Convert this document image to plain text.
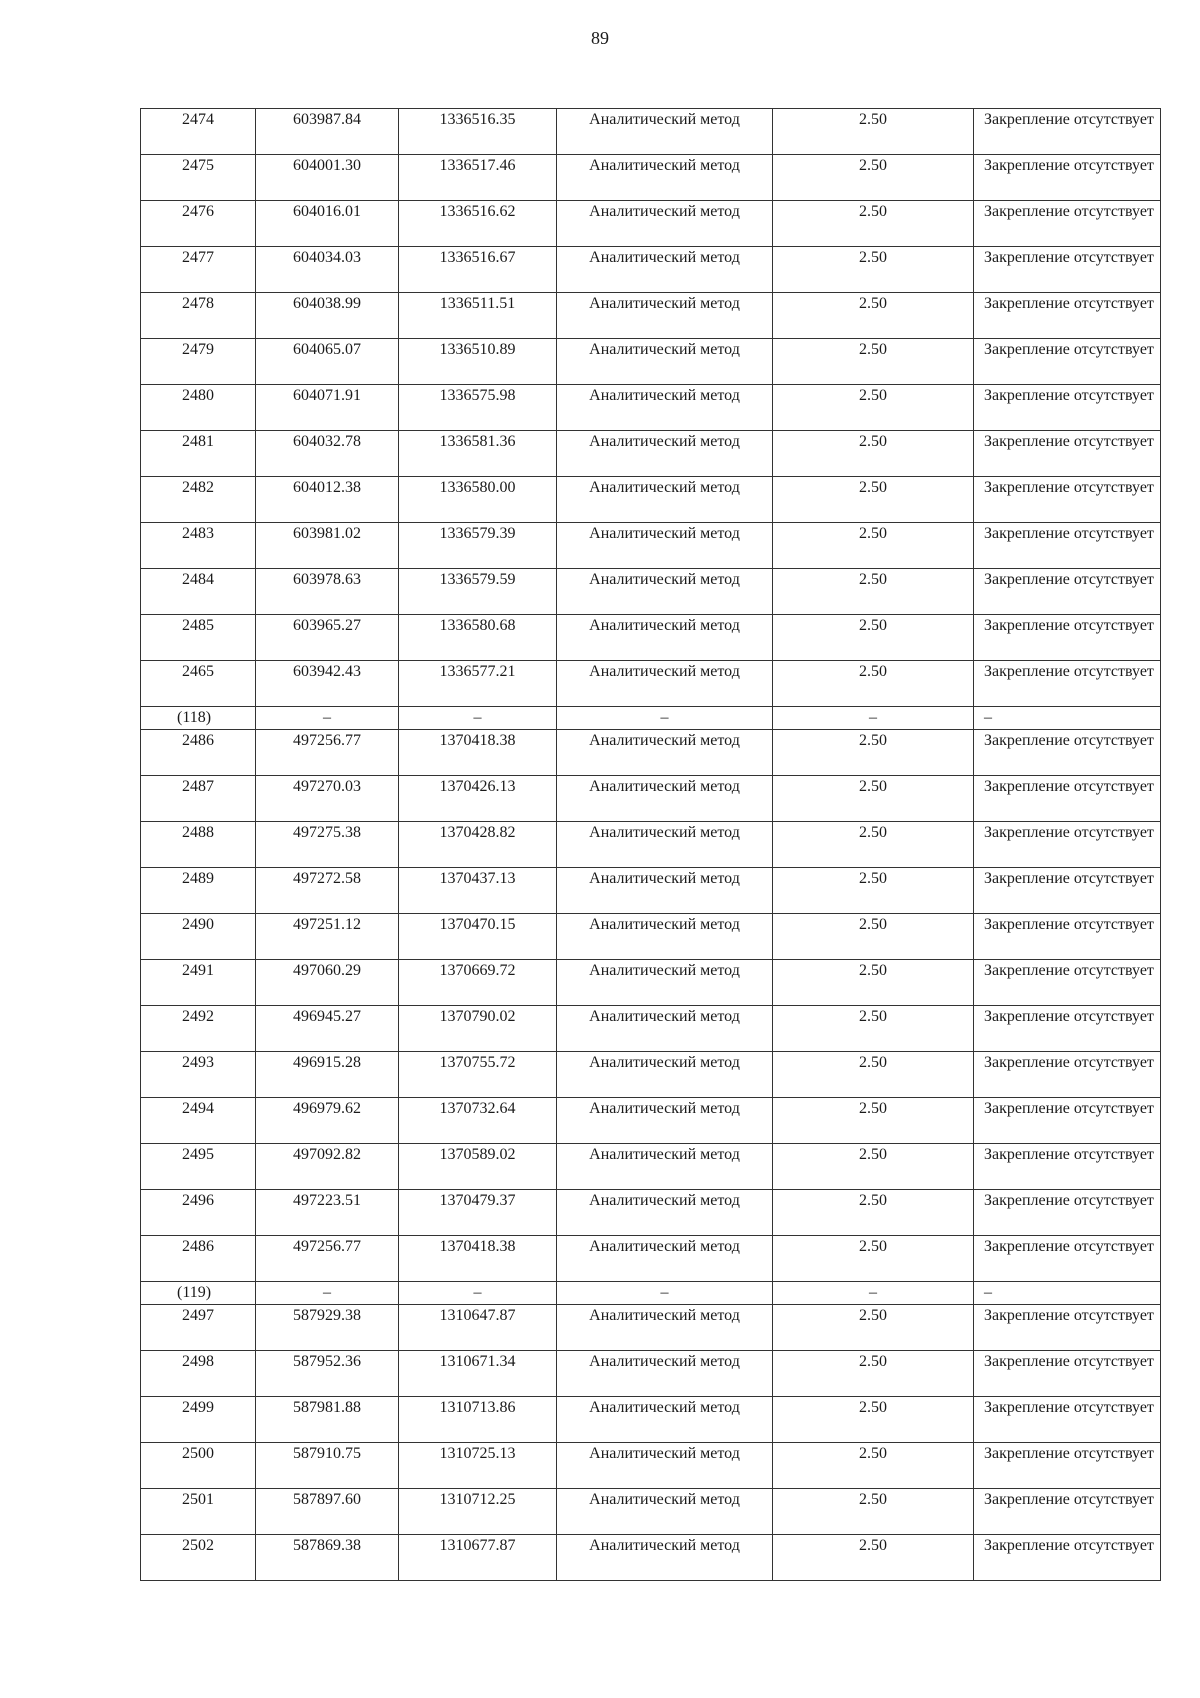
89
2474	603987.84	1336516.35	Аналитический метод	2.50	Закрепление отсутствует
2475	604001.30	1336517.46	Аналитический метод	2.50	Закрепление отсутствует
2476	604016.01	1336516.62	Аналитический метод	2.50	Закрепление отсутствует
2477	604034.03	1336516.67	Аналитический метод	2.50	Закрепление отсутствует
2478	604038.99	1336511.51	Аналитический метод	2.50	Закрепление отсутствует
2479	604065.07	1336510.89	Аналитический метод	2.50	Закрепление отсутствует
2480	604071.91	1336575.98	Аналитический метод	2.50	Закрепление отсутствует
2481	604032.78	1336581.36	Аналитический метод	2.50	Закрепление отсутствует
2482	604012.38	1336580.00	Аналитический метод	2.50	Закрепление отсутствует
2483	603981.02	1336579.39	Аналитический метод	2.50	Закрепление отсутствует
2484	603978.63	1336579.59	Аналитический метод	2.50	Закрепление отсутствует
2485	603965.27	1336580.68	Аналитический метод	2.50	Закрепление отсутствует
2465	603942.43	1336577.21	Аналитический метод	2.50	Закрепление отсутствует
(118)	–	–	–	–	–
2486	497256.77	1370418.38	Аналитический метод	2.50	Закрепление отсутствует
2487	497270.03	1370426.13	Аналитический метод	2.50	Закрепление отсутствует
2488	497275.38	1370428.82	Аналитический метод	2.50	Закрепление отсутствует
2489	497272.58	1370437.13	Аналитический метод	2.50	Закрепление отсутствует
2490	497251.12	1370470.15	Аналитический метод	2.50	Закрепление отсутствует
2491	497060.29	1370669.72	Аналитический метод	2.50	Закрепление отсутствует
2492	496945.27	1370790.02	Аналитический метод	2.50	Закрепление отсутствует
2493	496915.28	1370755.72	Аналитический метод	2.50	Закрепление отсутствует
2494	496979.62	1370732.64	Аналитический метод	2.50	Закрепление отсутствует
2495	497092.82	1370589.02	Аналитический метод	2.50	Закрепление отсутствует
2496	497223.51	1370479.37	Аналитический метод	2.50	Закрепление отсутствует
2486	497256.77	1370418.38	Аналитический метод	2.50	Закрепление отсутствует
(119)	–	–	–	–	–
2497	587929.38	1310647.87	Аналитический метод	2.50	Закрепление отсутствует
2498	587952.36	1310671.34	Аналитический метод	2.50	Закрепление отсутствует
2499	587981.88	1310713.86	Аналитический метод	2.50	Закрепление отсутствует
2500	587910.75	1310725.13	Аналитический метод	2.50	Закрепление отсутствует
2501	587897.60	1310712.25	Аналитический метод	2.50	Закрепление отсутствует
2502	587869.38	1310677.87	Аналитический метод	2.50	Закрепление отсутствует
